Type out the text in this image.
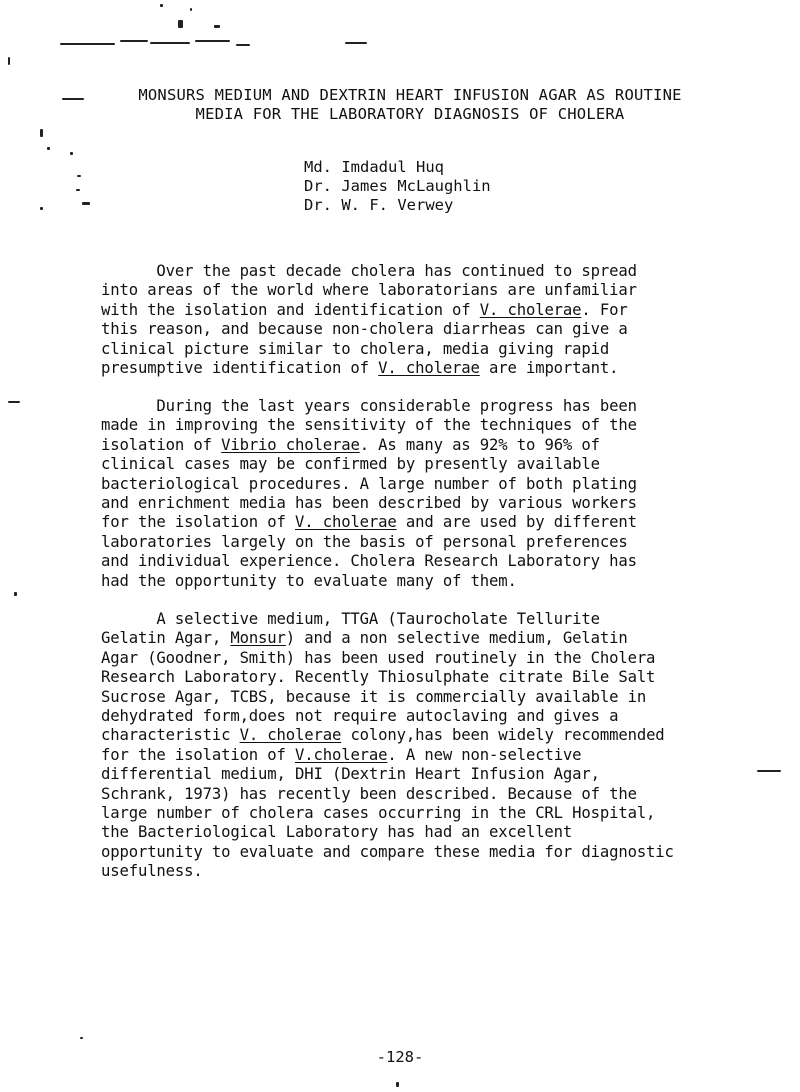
MONSURS MEDIUM AND DEXTRIN HEART INFUSION AGAR AS ROUTINE
MEDIA FOR THE LABORATORY DIAGNOSIS OF CHOLERA
Md. Imdadul Huq
Dr. James McLaughlin
Dr. W. F. Verwey
Over the past decade cholera has continued to spread
into areas of the world where laboratorians are unfamiliar
with the isolation and identification of V. cholerae. For
this reason, and because non-cholera diarrheas can give a
clinical picture similar to cholera, media giving rapid
presumptive identification of V. cholerae are important.
During the last years considerable progress has been
made in improving the sensitivity of the techniques of the
isolation of Vibrio cholerae. As many as 92% to 96% of
clinical cases may be confirmed by presently available
bacteriological procedures. A large number of both plating
and enrichment media has been described by various workers
for the isolation of V. cholerae and are used by different
laboratories largely on the basis of personal preferences
and individual experience. Cholera Research Laboratory has
had the opportunity to evaluate many of them.
A selective medium, TTGA (Taurocholate Tellurite
Gelatin Agar, Monsur) and a non selective medium, Gelatin
Agar (Goodner, Smith) has been used routinely in the Cholera
Research Laboratory. Recently Thiosulphate citrate Bile Salt
Sucrose Agar, TCBS, because it is commercially available in
dehydrated form,does not require autoclaving and gives a
characteristic V. cholerae colony,has been widely recommended
for the isolation of V.cholerae. A new non-selective
differential medium, DHI (Dextrin Heart Infusion Agar,
Schrank, 1973) has recently been described. Because of the
large number of cholera cases occurring in the CRL Hospital,
the Bacteriological Laboratory has had an excellent
opportunity to evaluate and compare these media for diagnostic
usefulness.
-128-
